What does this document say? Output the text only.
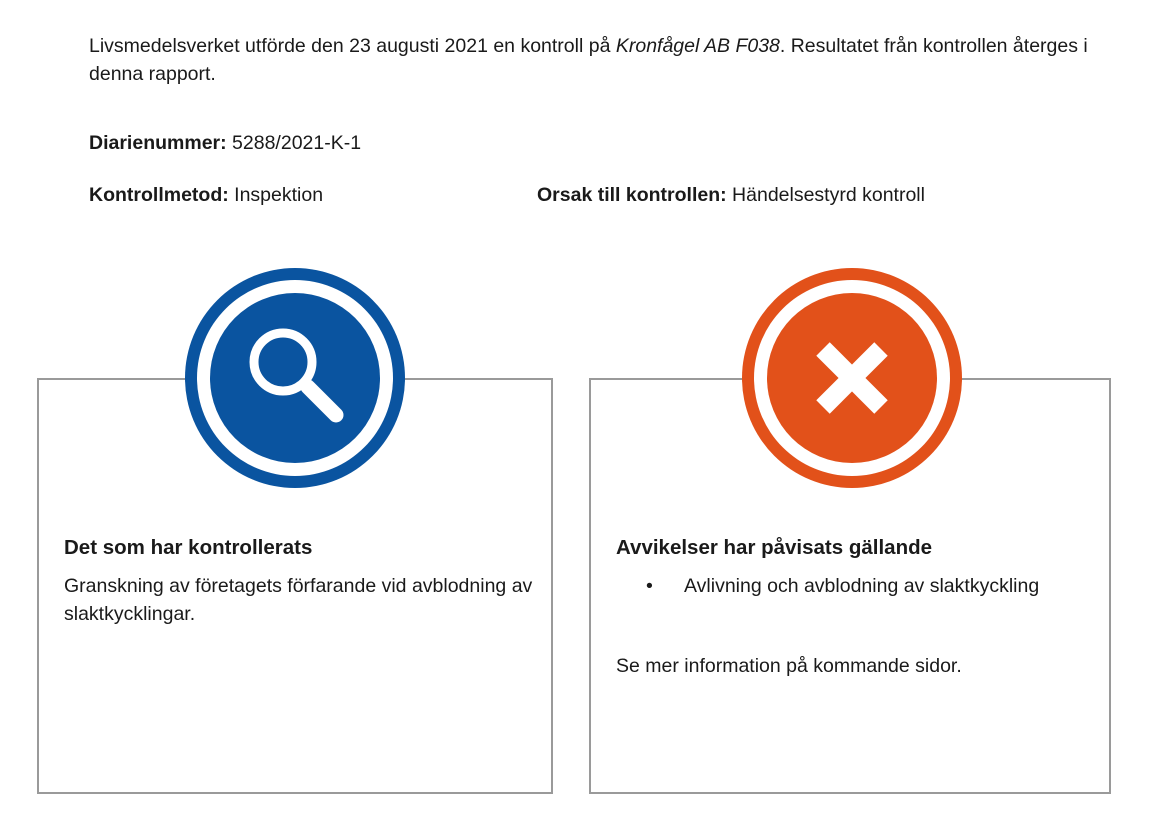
Livsmedelsverket utförde den 23 augusti 2021 en kontroll på Kronfågel AB F038. Resultatet från kontrollen återges i denna rapport.
Diarienummer: 5288/2021-K-1
Kontrollmetod: Inspektion	Orsak till kontrollen: Händelsestyrd kontroll
Det som har kontrollerats
Granskning av företagets förfarande vid avblodning av slaktkycklingar.
Avvikelser har påvisats gällande
• Avlivning och avblodning av slaktkyckling
Se mer information på kommande sidor.
